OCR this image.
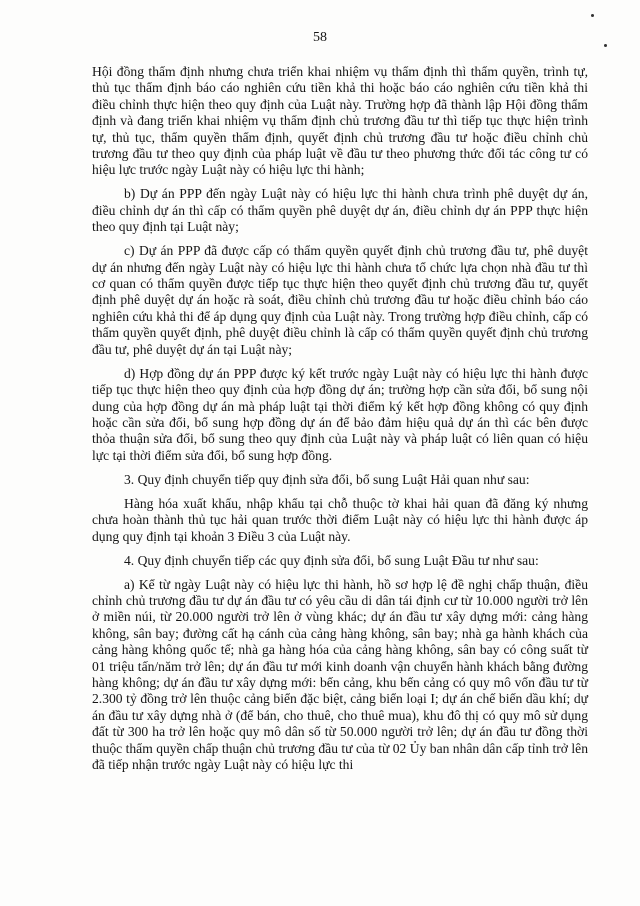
58

Hội đồng thẩm định nhưng chưa triển khai nhiệm vụ thẩm định thì thẩm quyền, trình tự, thủ tục thẩm định báo cáo nghiên cứu tiền khả thi hoặc báo cáo nghiên cứu tiền khả thi điều chỉnh thực hiện theo quy định của Luật này. Trường hợp đã thành lập Hội đồng thẩm định và đang triển khai nhiệm vụ thẩm định chủ trương đầu tư thì tiếp tục thực hiện trình tự, thủ tục, thẩm quyền thẩm định, quyết định chủ trương đầu tư hoặc điều chỉnh chủ trương đầu tư theo quy định của pháp luật về đầu tư theo phương thức đối tác công tư có hiệu lực trước ngày Luật này có hiệu lực thi hành;

b) Dự án PPP đến ngày Luật này có hiệu lực thi hành chưa trình phê duyệt dự án, điều chỉnh dự án thì cấp có thẩm quyền phê duyệt dự án, điều chỉnh dự án PPP thực hiện theo quy định tại Luật này;

c) Dự án PPP đã được cấp có thẩm quyền quyết định chủ trương đầu tư, phê duyệt dự án nhưng đến ngày Luật này có hiệu lực thi hành chưa tổ chức lựa chọn nhà đầu tư thì cơ quan có thẩm quyền được tiếp tục thực hiện theo quyết định chủ trương đầu tư, quyết định phê duyệt dự án hoặc rà soát, điều chỉnh chủ trương đầu tư hoặc điều chỉnh báo cáo nghiên cứu khả thi để áp dụng quy định của Luật này. Trong trường hợp điều chỉnh, cấp có thẩm quyền quyết định, phê duyệt điều chỉnh là cấp có thẩm quyền quyết định chủ trương đầu tư, phê duyệt dự án tại Luật này;

d) Hợp đồng dự án PPP được ký kết trước ngày Luật này có hiệu lực thi hành được tiếp tục thực hiện theo quy định của hợp đồng dự án; trường hợp cần sửa đổi, bổ sung nội dung của hợp đồng dự án mà pháp luật tại thời điểm ký kết hợp đồng không có quy định hoặc cần sửa đổi, bổ sung hợp đồng dự án để bảo đảm hiệu quả dự án thì các bên được thỏa thuận sửa đổi, bổ sung theo quy định của Luật này và pháp luật có liên quan có hiệu lực tại thời điểm sửa đổi, bổ sung hợp đồng.

3. Quy định chuyển tiếp quy định sửa đổi, bổ sung Luật Hải quan như sau:

Hàng hóa xuất khẩu, nhập khẩu tại chỗ thuộc tờ khai hải quan đã đăng ký nhưng chưa hoàn thành thủ tục hải quan trước thời điểm Luật này có hiệu lực thi hành được áp dụng quy định tại khoản 3 Điều 3 của Luật này.

4. Quy định chuyển tiếp các quy định sửa đổi, bổ sung Luật Đầu tư như sau:

a) Kể từ ngày Luật này có hiệu lực thi hành, hồ sơ hợp lệ đề nghị chấp thuận, điều chỉnh chủ trương đầu tư dự án đầu tư có yêu cầu di dân tái định cư từ 10.000 người trở lên ở miền núi, từ 20.000 người trở lên ở vùng khác; dự án đầu tư xây dựng mới: cảng hàng không, sân bay; đường cất hạ cánh của cảng hàng không, sân bay; nhà ga hành khách của cảng hàng không quốc tế; nhà ga hàng hóa của cảng hàng không, sân bay có công suất từ 01 triệu tấn/năm trở lên; dự án đầu tư mới kinh doanh vận chuyển hành khách bằng đường hàng không; dự án đầu tư xây dựng mới: bến cảng, khu bến cảng có quy mô vốn đầu tư từ 2.300 tỷ đồng trở lên thuộc cảng biển đặc biệt, cảng biển loại I; dự án chế biến dầu khí; dự án đầu tư xây dựng nhà ở (để bán, cho thuê, cho thuê mua), khu đô thị có quy mô sử dụng đất từ 300 ha trở lên hoặc quy mô dân số từ 50.000 người trở lên; dự án đầu tư đồng thời thuộc thẩm quyền chấp thuận chủ trương đầu tư của từ 02 Ủy ban nhân dân cấp tỉnh trở lên đã tiếp nhận trước ngày Luật này có hiệu lực thi
